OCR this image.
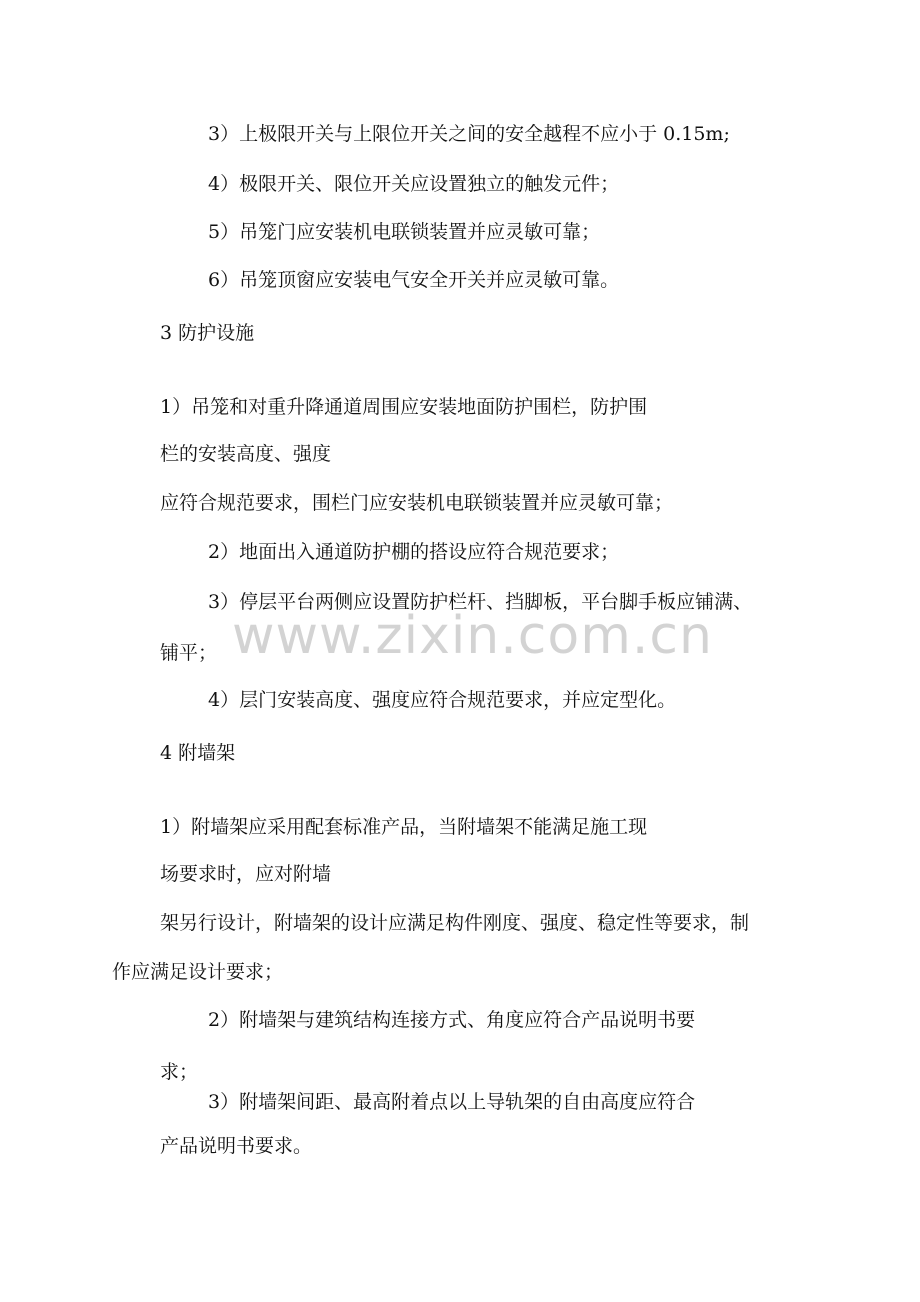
www.zixin.com.cn

3）上极限开关与上限位开关之间的安全越程不应小于 0.15m;

4）极限开关、限位开关应设置独立的触发元件；

5）吊笼门应安装机电联锁装置并应灵敏可靠；

6）吊笼顶窗应安装电气安全开关并应灵敏可靠。

3 防护设施

1）吊笼和对重升降通道周围应安装地面防护围栏，防护围

栏的安装高度、强度

应符合规范要求，围栏门应安装机电联锁装置并应灵敏可靠；

2）地面出入通道防护棚的搭设应符合规范要求；

3）停层平台两侧应设置防护栏杆、挡脚板，平台脚手板应铺满、

铺平；

4）层门安装高度、强度应符合规范要求，并应定型化。

4 附墙架

1）附墙架应采用配套标准产品，当附墙架不能满足施工现

场要求时，应对附墙

架另行设计，附墙架的设计应满足构件刚度、强度、稳定性等要求，制

作应满足设计要求；

2）附墙架与建筑结构连接方式、角度应符合产品说明书要

求；

3）附墙架间距、最高附着点以上导轨架的自由高度应符合

产品说明书要求。
